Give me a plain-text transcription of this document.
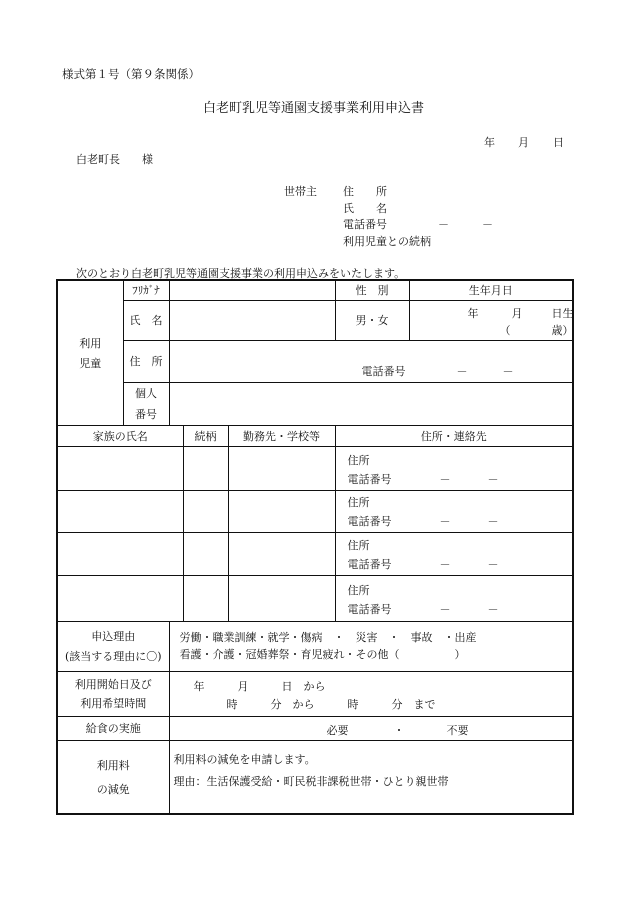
様式第１号（第９条関係）
白老町乳児等通園支援事業利用申込書
年 月 日
白老町長　　様
世帯主 住　　所
氏　　名
電話番号	－	－
利用児童との続柄
次のとおり白老町乳児等通園支援事業の利用申込みをいたします。
利用
児童	ﾌﾘｶﾞﾅ				性　別	生年月日
	氏　名				男・女	年 月 日生
（ 歳）

	住　所	電話番号 － －				

	個人
番号					

家族の氏名			続柄	勤務先・学校等	住所・連絡先	

					住所
電話番号 － －	

					住所
電話番号 － －	

					住所
電話番号 － －	

					住所
電話番号 － －	

申込理由
(該当する理由に〇)		労働・職業訓練・就学・傷病　・　災害　・　事故　・出産
看護・介護・冠婚葬祭・育児疲れ・その他（　　　　　）				

利用開始日及び
利用希望時間		年　　　月　　　日　から
時　　　分　から　　　時　　　分　まで				

給食の実施		必要 ・ 不要				

利用料
の減免		利用料の減免を申請します。
理由：生活保護受給・町民税非課税世帯・ひとり親世帯				
